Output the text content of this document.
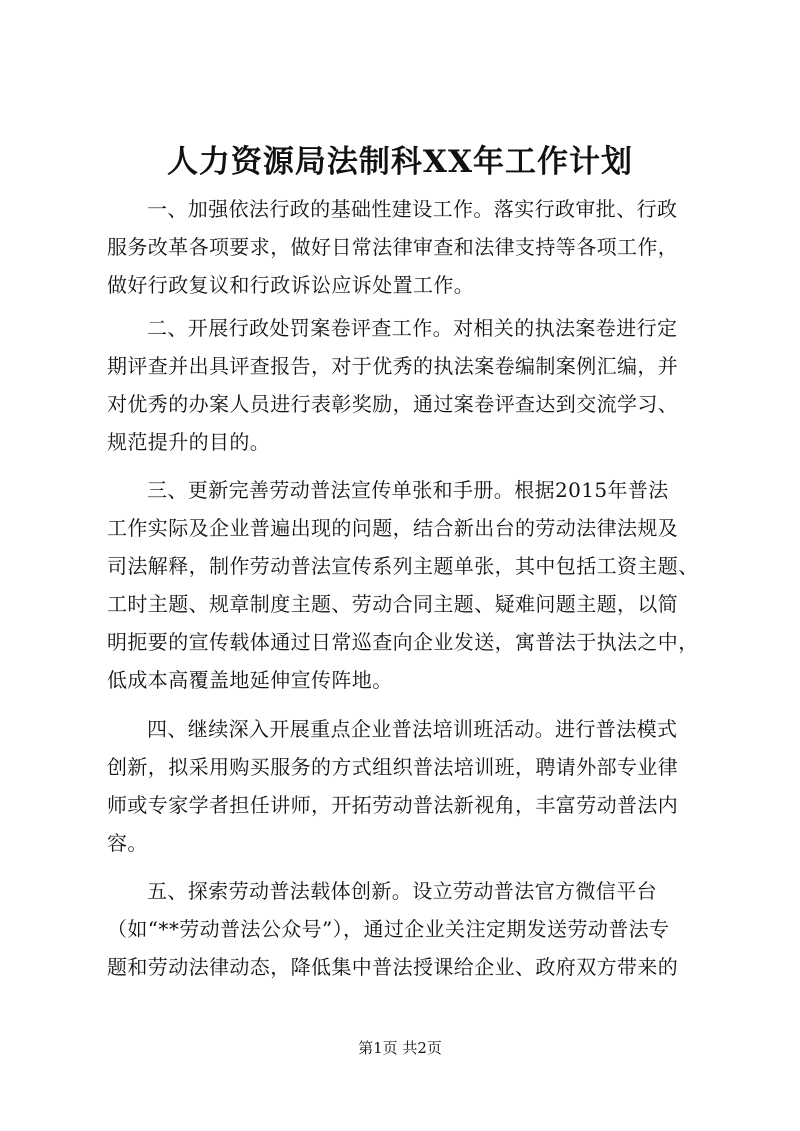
人力资源局法制科XX年工作计划
一、加强依法行政的基础性建设工作。落实行政审批、行政
服务改革各项要求，做好日常法律审查和法律支持等各项工作，
做好行政复议和行政诉讼应诉处置工作。
二、开展行政处罚案卷评查工作。对相关的执法案卷进行定
期评查并出具评查报告，对于优秀的执法案卷编制案例汇编，并
对优秀的办案人员进行表彰奖励，通过案卷评查达到交流学习、
规范提升的目的。
三、更新完善劳动普法宣传单张和手册。根据2015年普法
工作实际及企业普遍出现的问题，结合新出台的劳动法律法规及
司法解释，制作劳动普法宣传系列主题单张，其中包括工资主题、
工时主题、规章制度主题、劳动合同主题、疑难问题主题，以简
明扼要的宣传载体通过日常巡查向企业发送，寓普法于执法之中，
低成本高覆盖地延伸宣传阵地。
四、继续深入开展重点企业普法培训班活动。进行普法模式
创新，拟采用购买服务的方式组织普法培训班，聘请外部专业律
师或专家学者担任讲师，开拓劳动普法新视角，丰富劳动普法内
容。
五、探索劳动普法载体创新。设立劳动普法官方微信平台
（如“**劳动普法公众号”），通过企业关注定期发送劳动普法专
题和劳动法律动态，降低集中普法授课给企业、政府双方带来的
第1页 共2页
